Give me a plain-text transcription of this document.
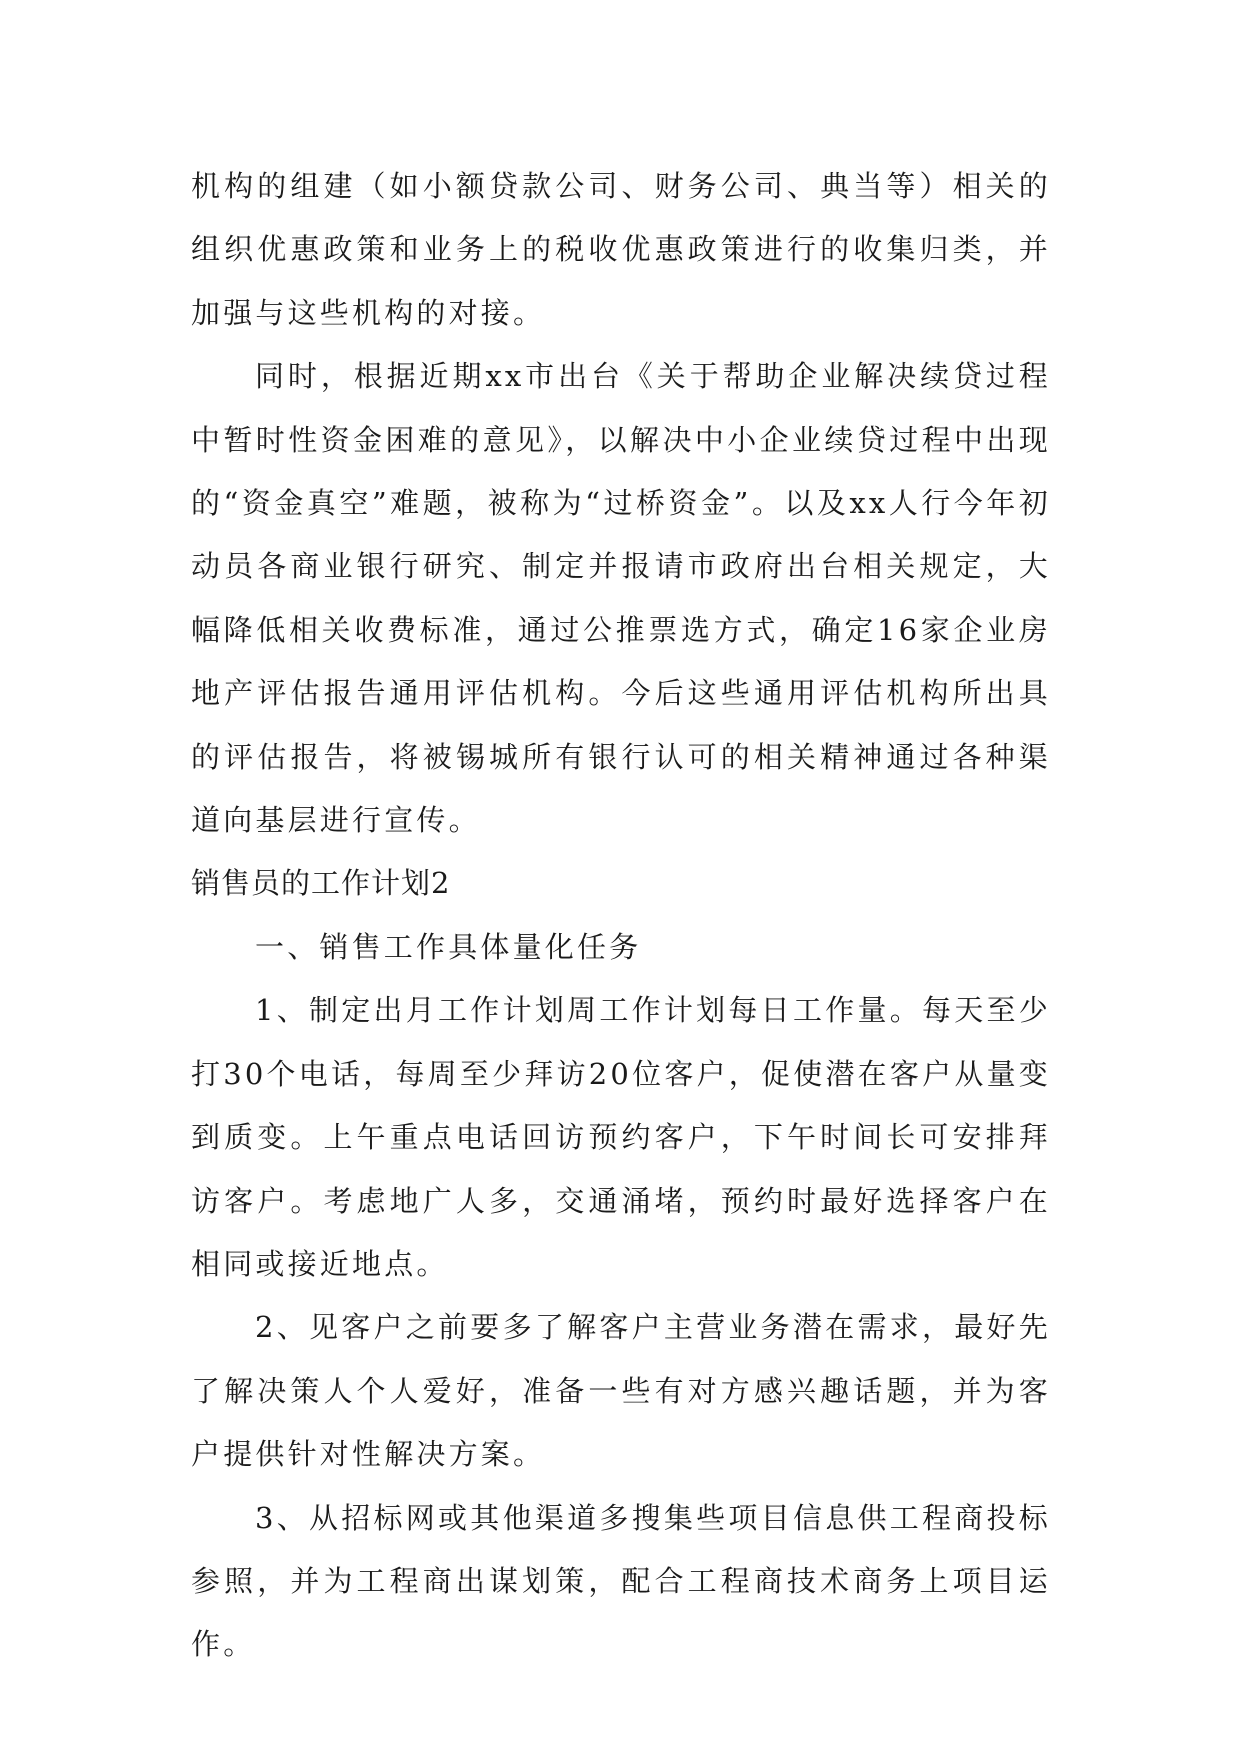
机构的组建（如小额贷款公司、财务公司、典当等）相关的组织优惠政策和业务上的税收优惠政策进行的收集归类，并加强与这些机构的对接。

同时，根据近期xx市出台《关于帮助企业解决续贷过程中暂时性资金困难的意见》，以解决中小企业续贷过程中出现的“资金真空”难题，被称为“过桥资金”。以及xx人行今年初动员各商业银行研究、制定并报请市政府出台相关规定，大幅降低相关收费标准，通过公推票选方式，确定16家企业房地产评估报告通用评估机构。今后这些通用评估机构所出具的评估报告，将被锡城所有银行认可的相关精神通过各种渠道向基层进行宣传。

销售员的工作计划2

一、销售工作具体量化任务

1、制定出月工作计划周工作计划每日工作量。每天至少打30个电话，每周至少拜访20位客户，促使潜在客户从量变到质变。上午重点电话回访预约客户，下午时间长可安排拜访客户。考虑地广人多，交通涌堵，预约时最好选择客户在相同或接近地点。

2、见客户之前要多了解客户主营业务潜在需求，最好先了解决策人个人爱好，准备一些有对方感兴趣话题，并为客户提供针对性解决方案。

3、从招标网或其他渠道多搜集些项目信息供工程商投标参照，并为工程商出谋划策，配合工程商技术商务上项目运作。
